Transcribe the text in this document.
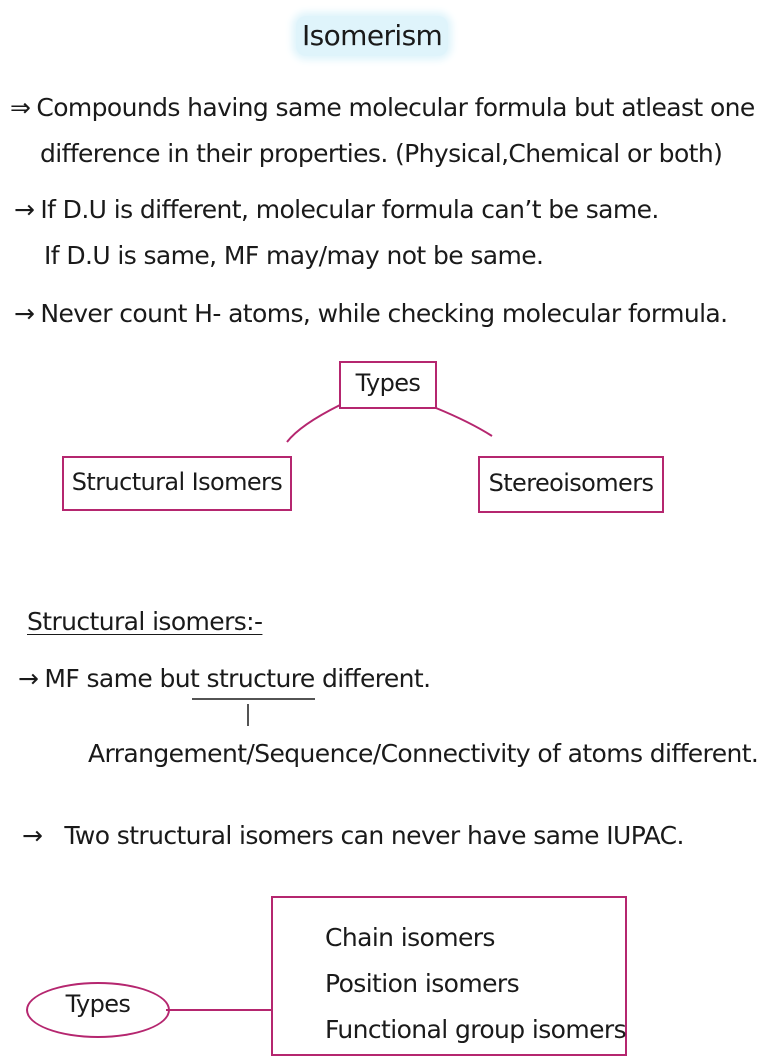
Isomerism
⇒ Compounds having same molecular formula but atleast one
difference in their properties. (Physical,Chemical or both)
→ If D.U is different, molecular formula can’t be same.
If D.U is same, MF may/may not be same.
→ Never count H- atoms, while checking molecular formula.
Types
Structural Isomers	Stereoisomers
Structural isomers:-
→ MF same but structure different.
Arrangement/Sequence/Connectivity of atoms different.
→ Two structural isomers can never have same IUPAC.
Types
Chain isomers
Position isomers
Functional group isomers
